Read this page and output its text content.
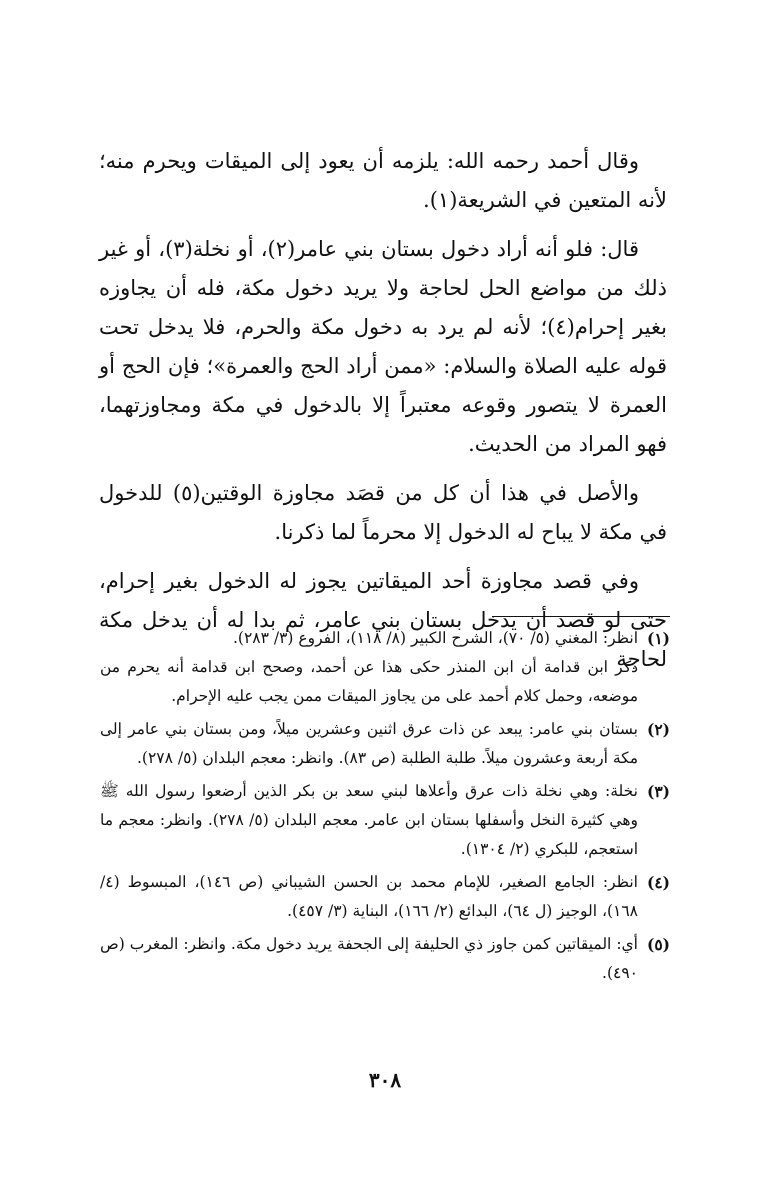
وقال أحمد رحمه الله: يلزمه أن يعود إلى الميقات ويحرم منه؛ لأنه المتعين في الشريعة(١).

قال: فلو أنه أراد دخول بستان بني عامر(٢)، أو نخلة(٣)، أو غير ذلك من مواضع الحل لحاجة ولا يريد دخول مكة، فله أن يجاوزه بغير إحرام(٤)؛ لأنه لم يرد به دخول مكة والحرم، فلا يدخل تحت قوله عليه الصلاة والسلام: «ممن أراد الحج والعمرة»؛ فإن الحج أو العمرة لا يتصور وقوعه معتبراً إلا بالدخول في مكة ومجاوزتهما، فهو المراد من الحديث.

والأصل في هذا أن كل من قصَد مجاوزة الوقتين(٥) للدخول في مكة لا يباح له الدخول إلا محرماً لما ذكرنا.

وفي قصد مجاوزة أحد الميقاتين يجوز له الدخول بغير إحرام، حتى لو قصد أن يدخل بستان بني عامر، ثم بدا له أن يدخل مكة لحاجة

(١)
انظر: المغني (٥/ ٧٠)، الشرح الكبير (٨/ ١١٨)، الفروع (٣/ ٢٨٣).
ذكر ابن قدامة أن ابن المنذر حكى هذا عن أحمد، وصحح ابن قدامة أنه يحرم من موضعه، وحمل كلام أحمد على من يجاوز الميقات ممن يجب عليه الإحرام.
(٢)
بستان بني عامر: يبعد عن ذات عرق اثنين وعشرين ميلاً، ومن بستان بني عامر إلى مكة أربعة وعشرون ميلاً. طلبة الطلبة (ص ٨٣). وانظر: معجم البلدان (٥/ ٢٧٨).
(٣)
نخلة: وهي نخلة ذات عرق وأعلاها لبني سعد بن بكر الذين أرضعوا رسول الله ﷺ وهي كثيرة النخل وأسفلها بستان ابن عامر. معجم البلدان (٥/ ٢٧٨). وانظر: معجم ما استعجم، للبكري (٢/ ١٣٠٤).
(٤)
انظر: الجامع الصغير، للإمام محمد بن الحسن الشيباني (ص ١٤٦)، المبسوط (٤/ ١٦٨)، الوجيز (ل ٦٤)، البدائع (٢/ ١٦٦)، البناية (٣/ ٤٥٧).
(٥)
أي: الميقاتين كمن جاوز ذي الحليفة إلى الجحفة يريد دخول مكة. وانظر: المغرب (ص ٤٩٠).
٣٠٨
